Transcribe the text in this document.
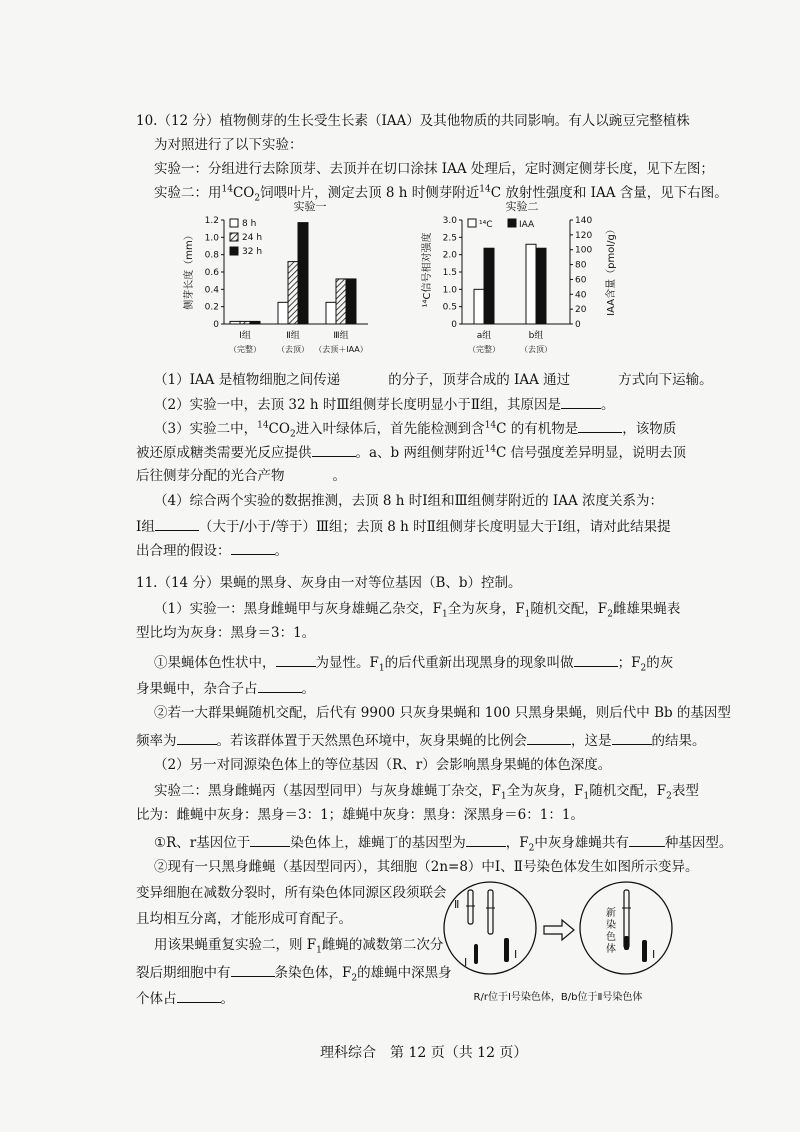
10.（12 分）植物侧芽的生长受生长素（IAA）及其他物质的共同影响。有人以豌豆完整植株
为对照进行了以下实验：
实验一：分组进行去除顶芽、去顶并在切口涂抹 IAA 处理后，定时测定侧芽长度，见下左图；
实验二：用$^{14}CO_2$饲喂叶片，测定去顶 8 h 时侧芽附近$^{14}$C 放射性强度和 IAA 含量，见下右图。
实验一
侧芽长度（mm）
0
0.2
0.4
0.6
0.8
1.0
1.2	8 h
24 h
32 h
Ⅰ组
（完整）
Ⅱ组
（去顶）
Ⅲ组
（去顶＋IAA）
实验二
¹⁴C信号相对强度	IAA含量（pmol/g）
0
0.5
1.0
1.5
2.0
2.5
3.0
0
20
40
60
80
100
120
140
¹⁴C	IAA
a组
（完整）
b组
（去顶）
（1）IAA 是植物细胞之间传递	的分子，顶芽合成的 IAA 通过	方式向下运输。
（2）实验一中，去顶 32 h 时Ⅲ组侧芽长度明显小于Ⅱ组，其原因是	。
（3）实验二中，$^{14}CO_2$进入叶绿体后，首先能检测到含$^{14}$C 的有机物是	，该物质
被还原成糖类需要光反应提供	。a、b 两组侧芽附近$^{14}$C 信号强度差异明显，说明去顶
后往侧芽分配的光合产物	。
（4）综合两个实验的数据推测，去顶 8 h 时Ⅰ组和Ⅲ组侧芽附近的 IAA 浓度关系为：
Ⅰ组	（大于/小于/等于）Ⅲ组；去顶 8 h 时Ⅱ组侧芽长度明显大于Ⅰ组，请对此结果提
出合理的假设：	。
11.（14 分）果蝇的黑身、灰身由一对等位基因（B、b）控制。
（1）实验一：黑身雌蝇甲与灰身雄蝇乙杂交，$F_1$全为灰身，$F_1$随机交配，$F_2$雌雄果蝇表
型比均为灰身：黑身＝3：1。
①果蝇体色性状中，	为显性。$F_1$的后代重新出现黑身的现象叫做	；$F_2$的灰
身果蝇中，杂合子占	。
②若一大群果蝇随机交配，后代有 9900 只灰身果蝇和 100 只黑身果蝇，则后代中 Bb 的基因型
频率为	。若该群体置于天然黑色环境中，灰身果蝇的比例会	，这是	的结果。
（2）另一对同源染色体上的等位基因（R、r）会影响黑身果蝇的体色深度。
实验二：黑身雌蝇丙（基因型同甲）与灰身雄蝇丁杂交，$F_1$全为灰身，$F_1$随机交配，$F_2$表型
比为：雌蝇中灰身：黑身＝3：1；雄蝇中灰身：黑身：深黑身＝6：1：1。
①R、r基因位于	染色体上，雄蝇丁的基因型为	，$F_2$中灰身雄蝇共有	种基因型。
②现有一只黑身雌蝇（基因型同丙），其细胞（2n=8）中Ⅰ、Ⅱ号染色体发生如图所示变异。
变异细胞在减数分裂时，所有染色体同源区段须联会
且均相互分离，才能形成可育配子。
用该果蝇重复实验二，则 $F_1$雌蝇的减数第二次分
裂后期细胞中有	条染色体，$F_2$的雄蝇中深黑身
个体占	。
Ⅱ
Ⅰ
Ⅰ
新
染
色
体	Ⅰ
R/r位于Ⅰ号染色体，B/b位于Ⅱ号染色体
理科综合　第 12 页（共 12 页）
